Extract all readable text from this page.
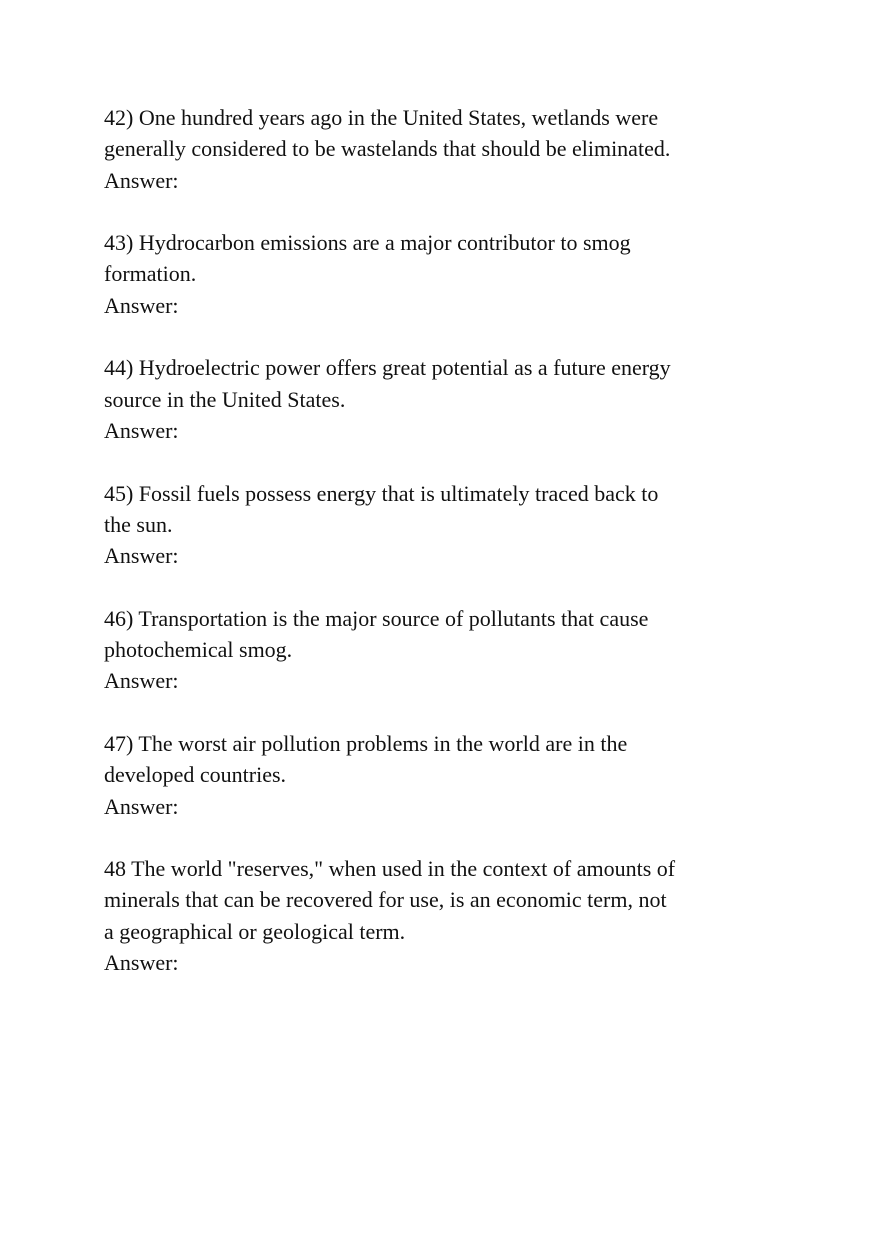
42) One hundred years ago in the United States, wetlands were
generally considered to be wastelands that should be eliminated.
Answer:
43) Hydrocarbon emissions are a major contributor to smog
formation.
Answer:
44) Hydroelectric power offers great potential as a future energy
source in the United States.
Answer:
45) Fossil fuels possess energy that is ultimately traced back to
the sun.
Answer:
46) Transportation is the major source of pollutants that cause
photochemical smog.
Answer:
47) The worst air pollution problems in the world are in the
developed countries.
Answer:
48 The world "reserves," when used in the context of amounts of
minerals that can be recovered for use, is an economic term, not
a geographical or geological term.
Answer:
